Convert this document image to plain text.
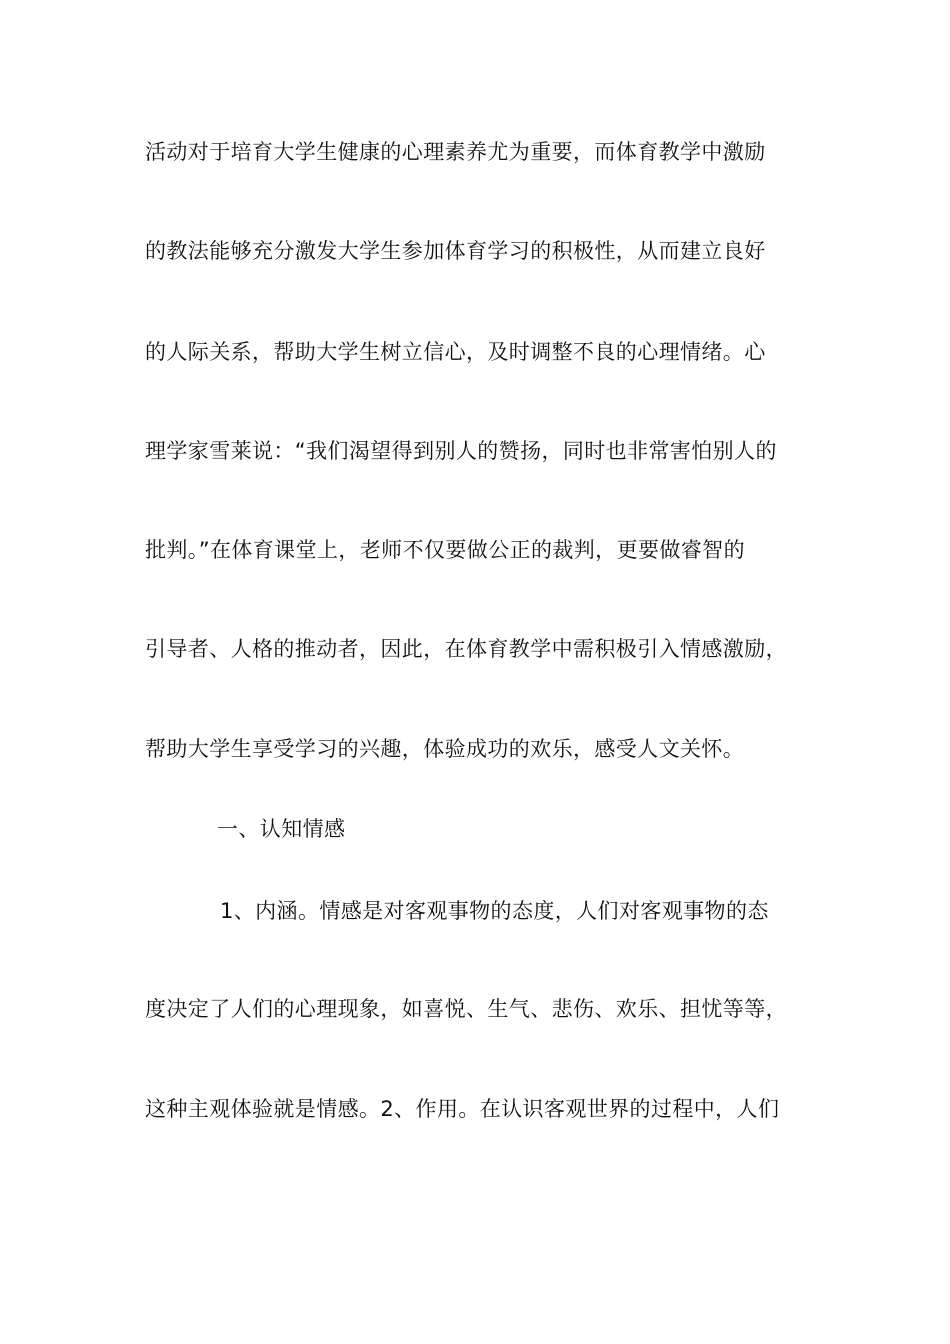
活动对于培育大学生健康的心理素养尤为重要，而体育教学中激励
的教法能够充分激发大学生参加体育学习的积极性，从而建立良好
的人际关系，帮助大学生树立信心，及时调整不良的心理情绪。心
理学家雪莱说：“我们渴望得到别人的赞扬，同时也非常害怕别人的
批判。”在体育课堂上，老师不仅要做公正的裁判，更要做睿智的
引导者、人格的推动者，因此，在体育教学中需积极引入情感激励，
帮助大学生享受学习的兴趣，体验成功的欢乐，感受人文关怀。
一、认知情感
1、内涵。情感是对客观事物的态度，人们对客观事物的态
度决定了人们的心理现象，如喜悦、生气、悲伤、欢乐、担忧等等，
这种主观体验就是情感。2、作用。在认识客观世界的过程中，人们
